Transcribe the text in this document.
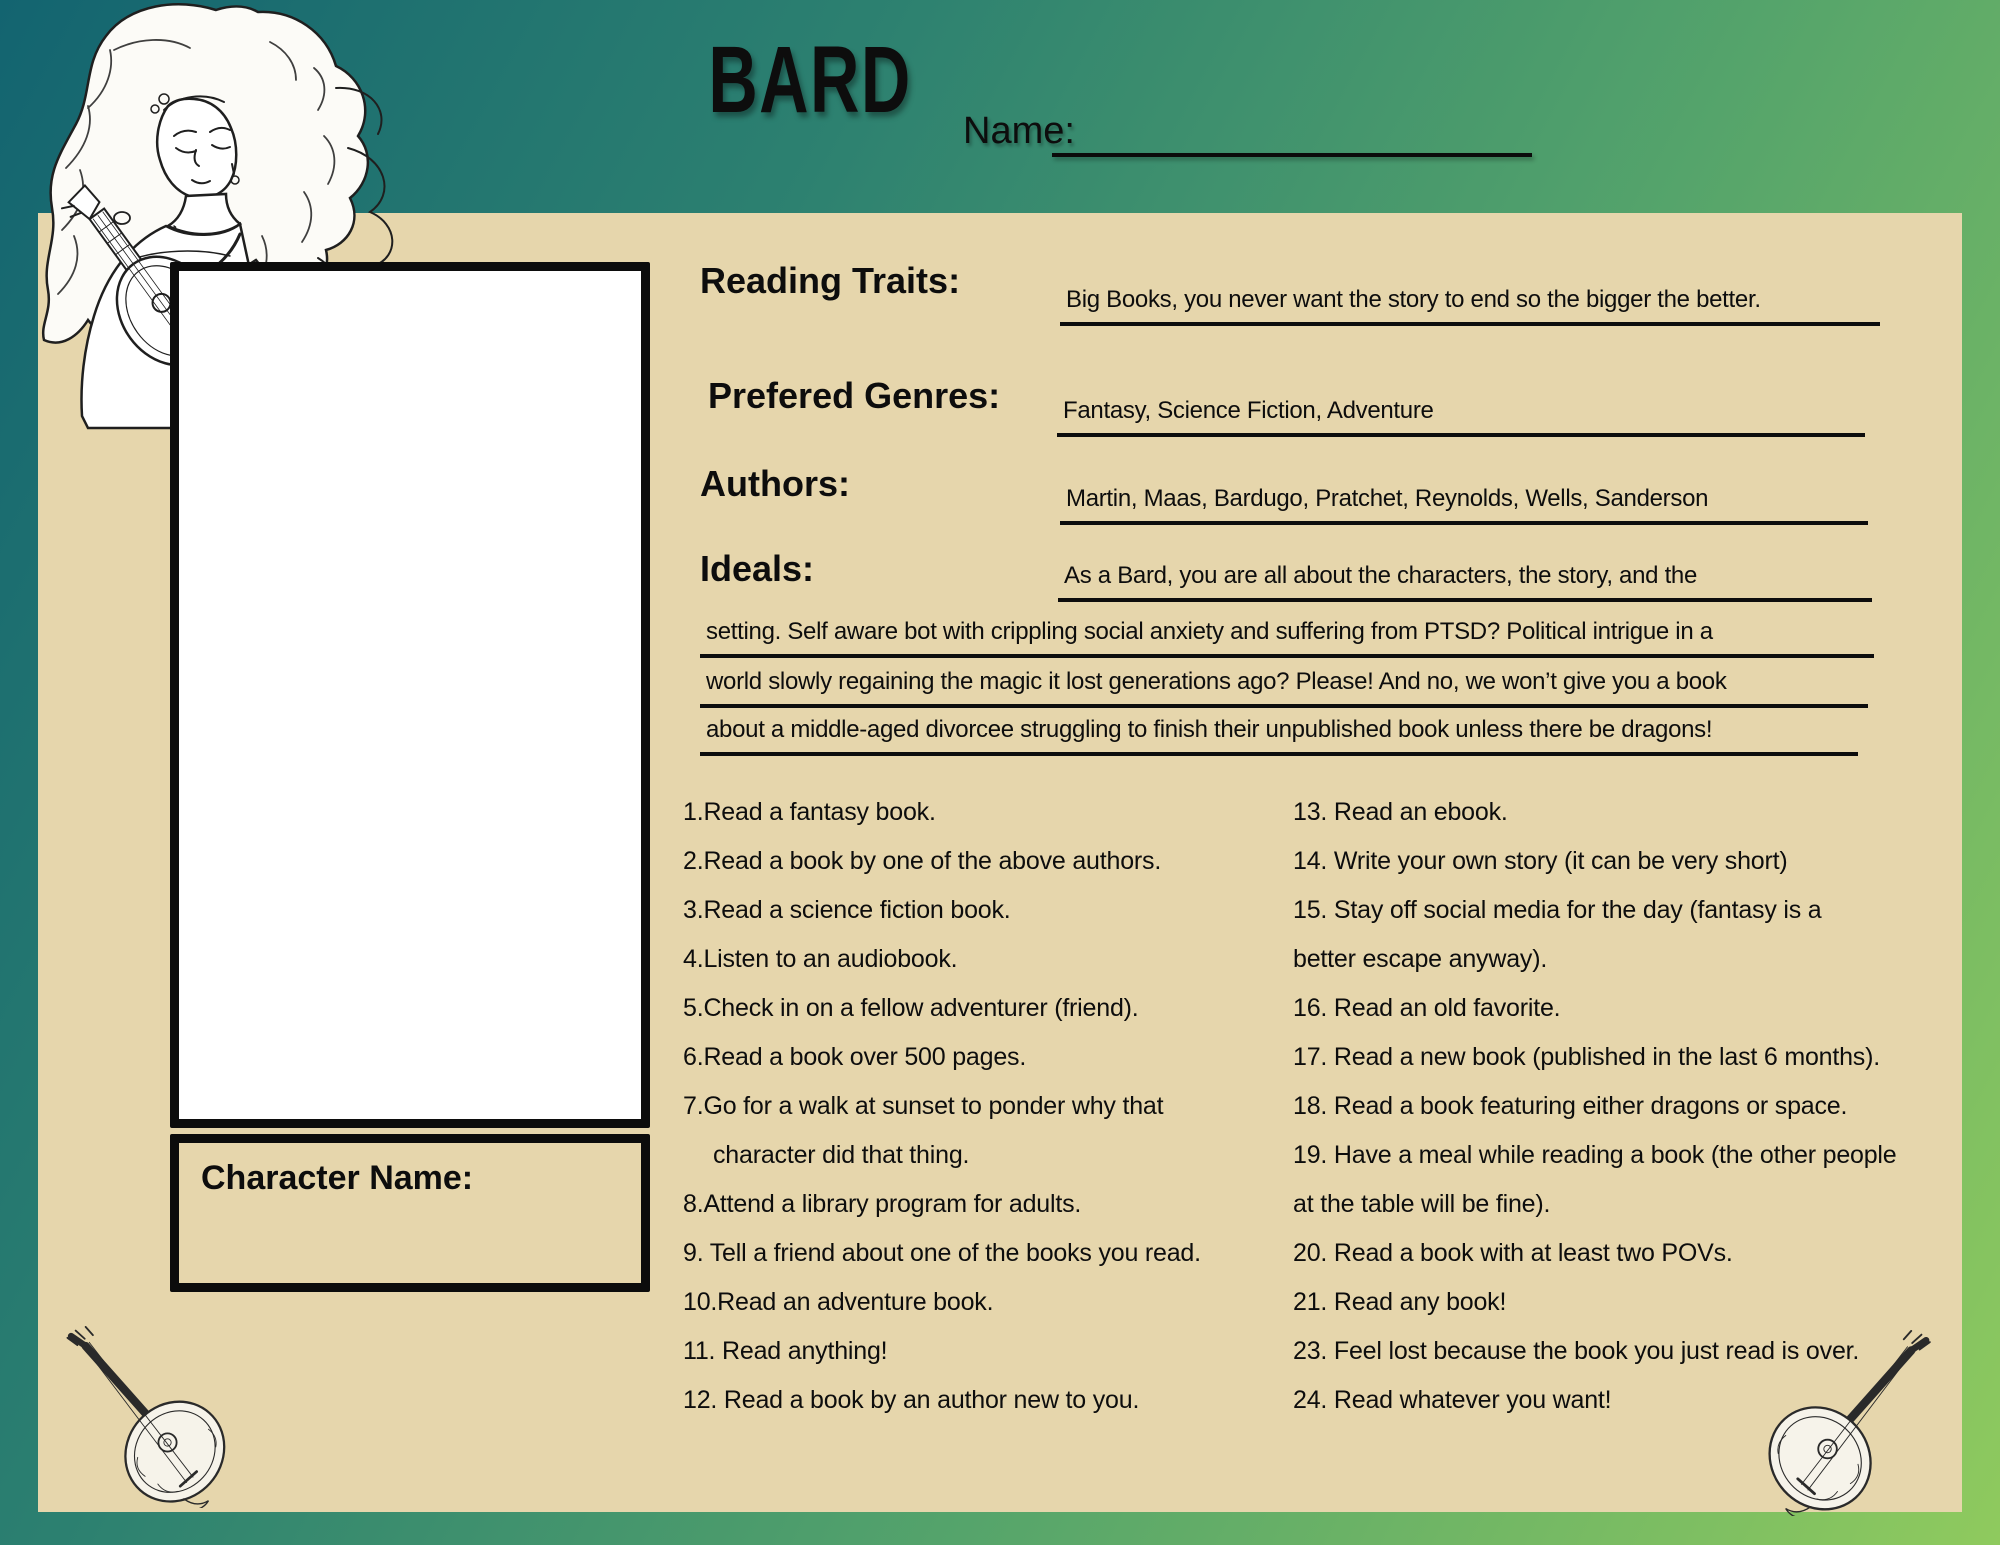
BARD	Name:
Character Name:
Reading Traits:	Big Books, you never want the story to end so the bigger the better.
Prefered Genres:	Fantasy, Science Fiction, Adventure
Authors:	Martin, Maas, Bardugo, Pratchet, Reynolds, Wells, Sanderson
Ideals:	As a Bard, you are all about the characters, the story, and the
setting. Self aware bot with crippling social anxiety and suffering from PTSD? Political intrigue in a
world slowly regaining the magic it lost generations ago? Please! And no, we won’t give you a book
about a middle-aged divorcee struggling to finish their unpublished book unless there be dragons!
1.Read a fantasy book.
2.Read a book by one of the above authors.
3.Read a science fiction book.
4.Listen to an audiobook.
5.Check in on a fellow adventurer (friend).
6.Read a book over 500 pages.
7.Go for a walk at sunset to ponder why that
character did that thing.
8.Attend a library program for adults.
9. Tell a friend about one of the books you read.
10.Read an adventure book.
11. Read anything!
12. Read a book by an author new to you.
13. Read an ebook.
14. Write your own story (it can be very short)
15. Stay off social media for the day (fantasy is a
better escape anyway).
16. Read an old favorite.
17. Read a new book (published in the last 6 months).
18. Read a book featuring either dragons or space.
19. Have a meal while reading a book (the other people
at the table will be fine).
20. Read a book with at least two POVs.
21. Read any book!
23. Feel lost because the book you just read is over.
24. Read whatever you want!
